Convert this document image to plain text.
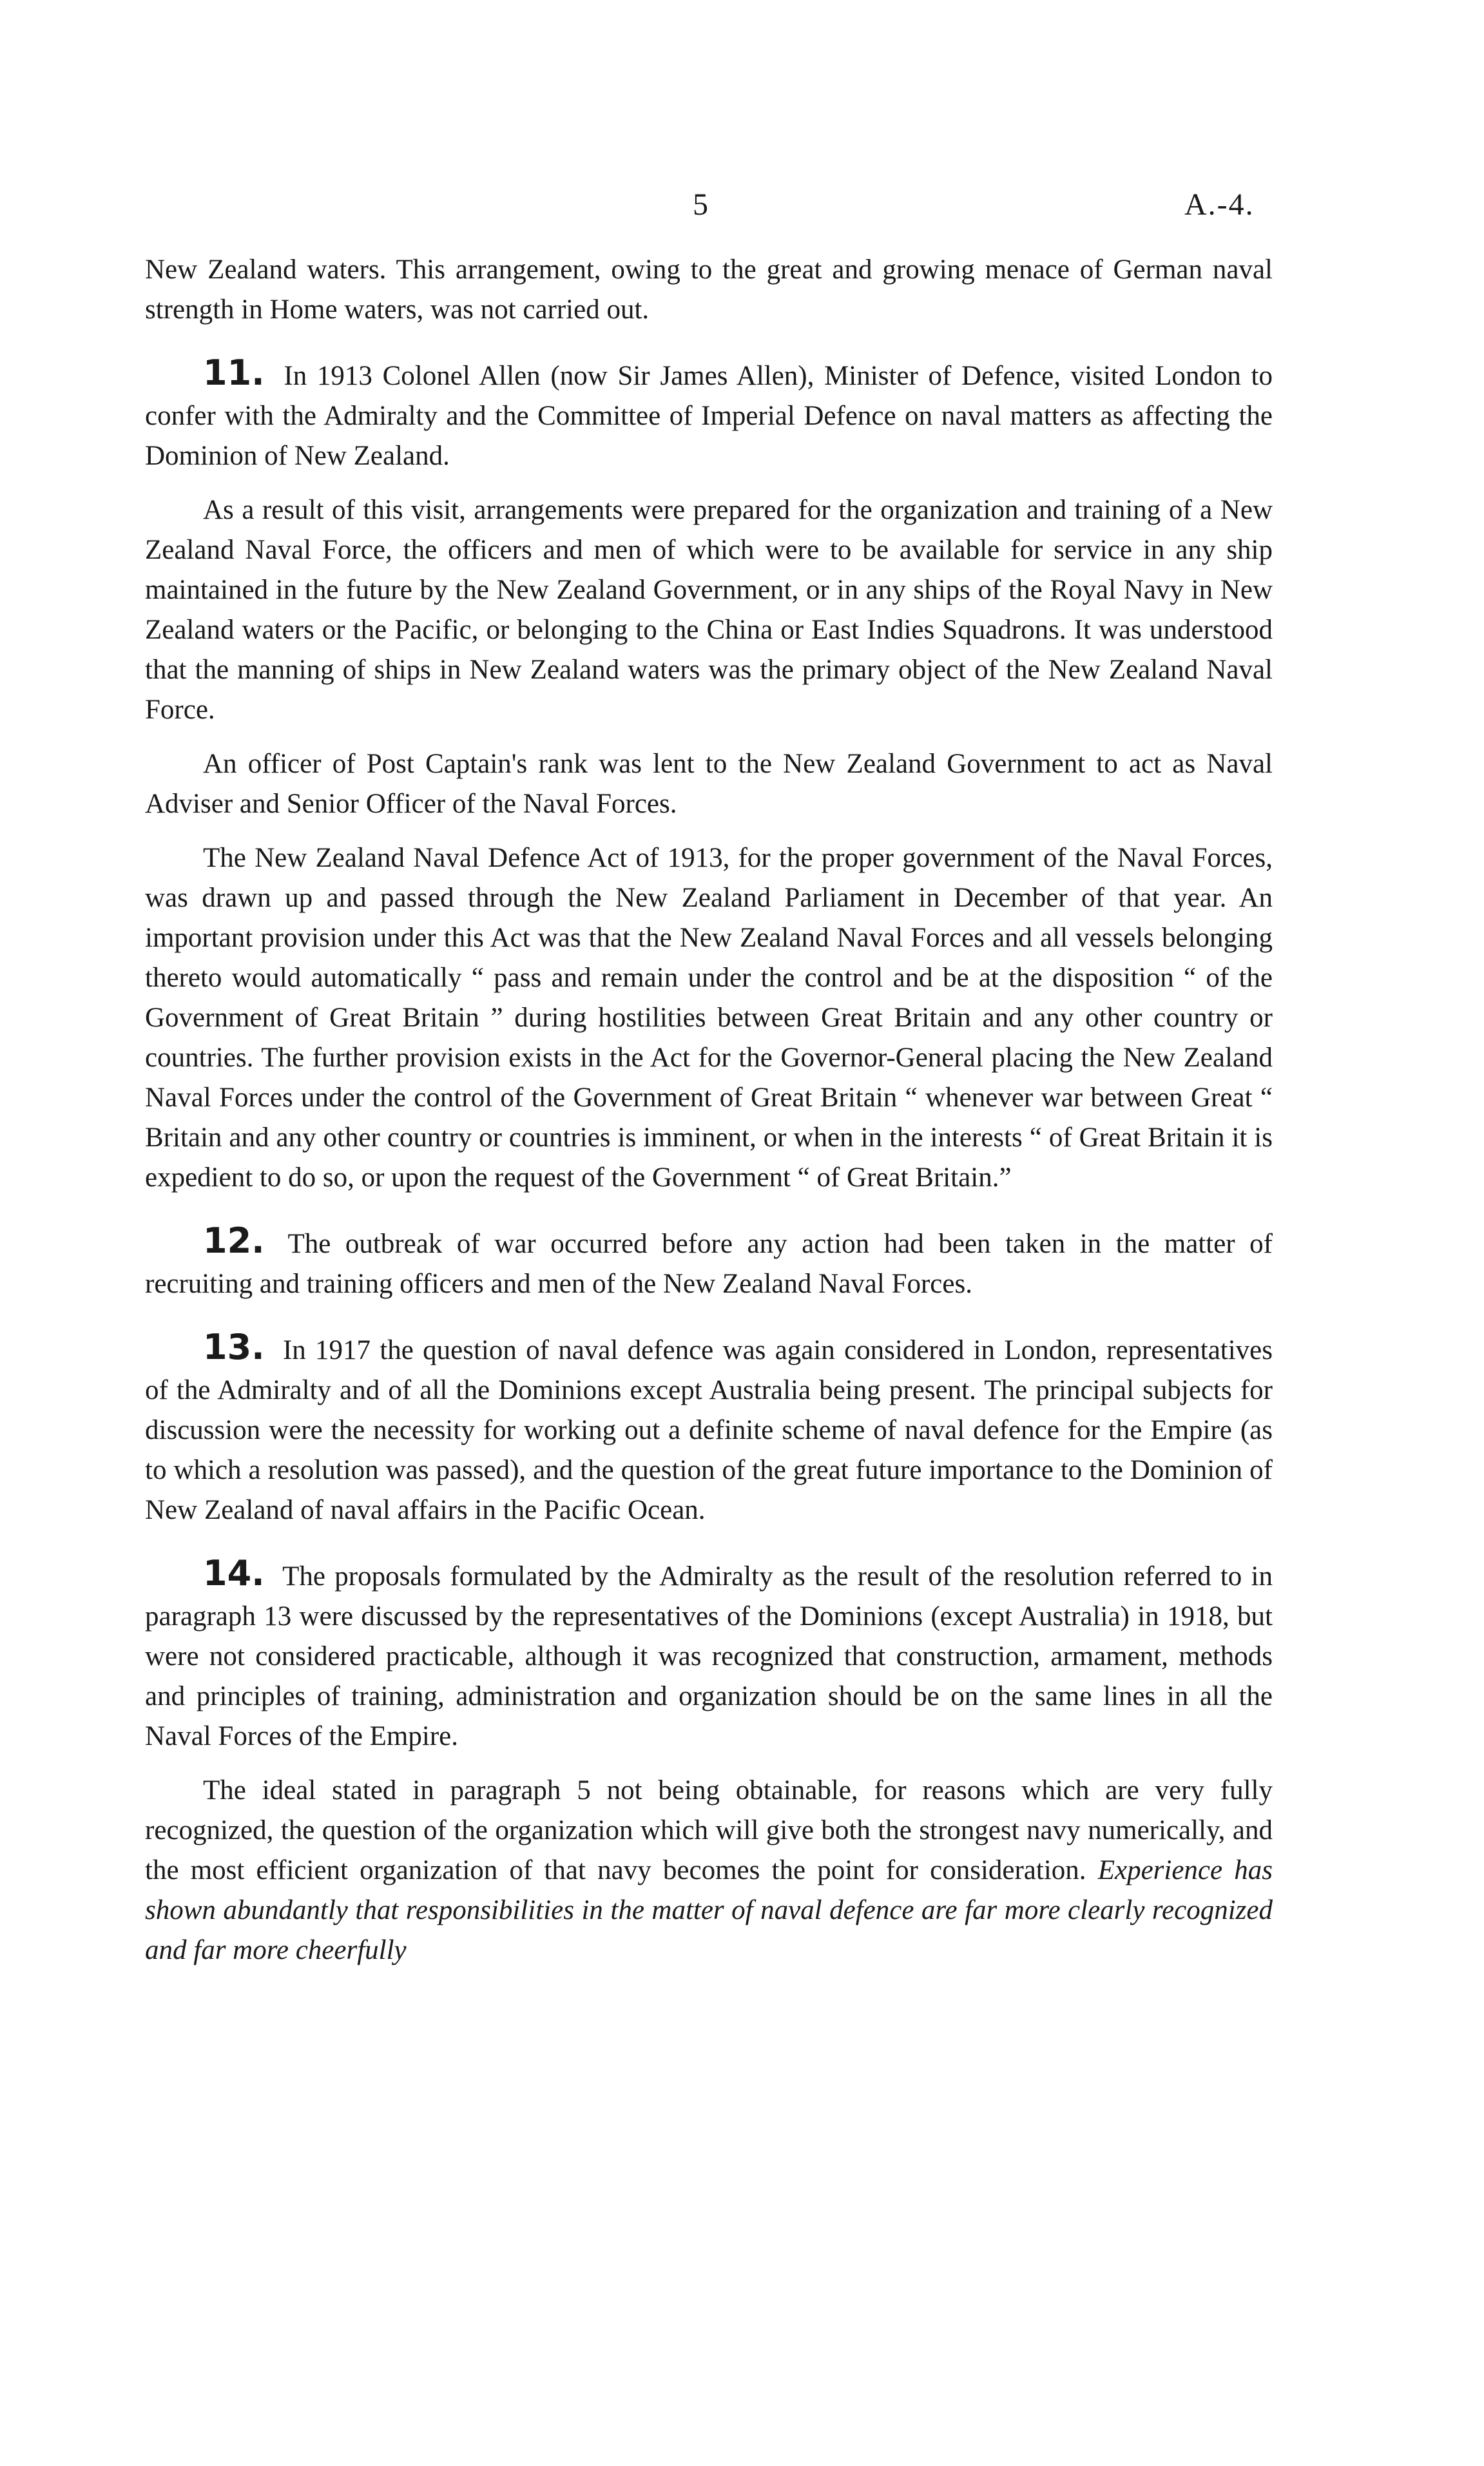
5	A.-4.

New Zealand waters. This arrangement, owing to the great and growing menace of German naval strength in Home waters, was not carried out.

11. In 1913 Colonel Allen (now Sir James Allen), Minister of Defence, visited London to confer with the Admiralty and the Committee of Imperial Defence on naval matters as affecting the Dominion of New Zealand.

As a result of this visit, arrangements were prepared for the organization and training of a New Zealand Naval Force, the officers and men of which were to be available for service in any ship maintained in the future by the New Zealand Government, or in any ships of the Royal Navy in New Zealand waters or the Pacific, or belonging to the China or East Indies Squadrons. It was understood that the manning of ships in New Zealand waters was the primary object of the New Zealand Naval Force.

An officer of Post Captain's rank was lent to the New Zealand Government to act as Naval Adviser and Senior Officer of the Naval Forces.

The New Zealand Naval Defence Act of 1913, for the proper government of the Naval Forces, was drawn up and passed through the New Zealand Parliament in December of that year. An important provision under this Act was that the New Zealand Naval Forces and all vessels belonging thereto would automatically “ pass and remain under the control and be at the disposition “ of the Government of Great Britain ” during hostilities between Great Britain and any other country or countries. The further provision exists in the Act for the Governor-General placing the New Zealand Naval Forces under the control of the Government of Great Britain “ whenever war between Great “ Britain and any other country or countries is imminent, or when in the interests “ of Great Britain it is expedient to do so, or upon the request of the Government “ of Great Britain.”

12. The outbreak of war occurred before any action had been taken in the matter of recruiting and training officers and men of the New Zealand Naval Forces.

13. In 1917 the question of naval defence was again considered in London, representatives of the Admiralty and of all the Dominions except Australia being present. The principal subjects for discussion were the necessity for working out a definite scheme of naval defence for the Empire (as to which a resolution was passed), and the question of the great future importance to the Dominion of New Zealand of naval affairs in the Pacific Ocean.

14. The proposals formulated by the Admiralty as the result of the resolution referred to in paragraph 13 were discussed by the representatives of the Dominions (except Australia) in 1918, but were not considered practicable, although it was recognized that construction, armament, methods and principles of training, administration and organization should be on the same lines in all the Naval Forces of the Empire.

The ideal stated in paragraph 5 not being obtainable, for reasons which are very fully recognized, the question of the organization which will give both the strongest navy numerically, and the most efficient organization of that navy becomes the point for consideration. Experience has shown abundantly that responsibilities in the matter of naval defence are far more clearly recognized and far more cheerfully
